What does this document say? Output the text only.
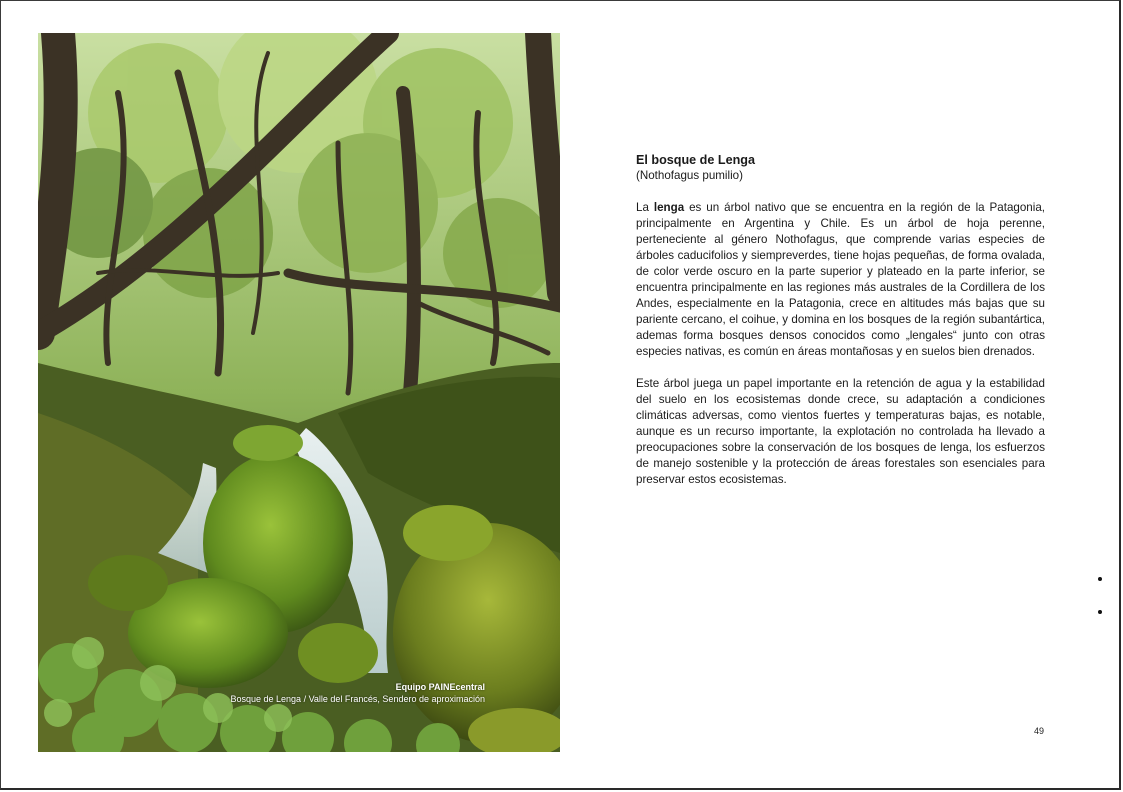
Equipo PAINEcentral
Bosque de Lenga / Valle del Francés, Sendero de aproximación
El bosque de Lenga
(Nothofagus pumilio)

La lenga es un árbol nativo que se encuentra en la región de la Patagonia, principalmente en Argentina y Chile. Es un árbol de hoja perenne, perteneciente al género Nothofagus, que comprende varias especies de árboles caducifolios y siempreverdes, tiene hojas pequeñas, de forma ovalada, de color verde oscuro en la parte superior y plateado en la parte inferior, se encuentra principalmente en las regiones más australes de la Cordillera de los Andes, especialmente en la Patagonia, crece en altitudes más bajas que su pariente cercano, el coihue, y domina en los bosques de la región subantártica, ademas forma bosques densos conocidos como „lengales“ junto con otras especies nativas, es común en áreas montañosas y en suelos bien drenados.

Este árbol juega un papel importante en la retención de agua y la estabilidad del suelo en los ecosistemas donde crece, su adaptación a condiciones climáticas adversas, como vientos fuertes y temperaturas bajas, es notable, aunque es un recurso importante, la explotación no controlada ha llevado a preocupaciones sobre la conservación de los bosques de lenga, los esfuerzos de manejo sostenible y la protección de áreas forestales son esenciales para preservar estos ecosistemas.

49
